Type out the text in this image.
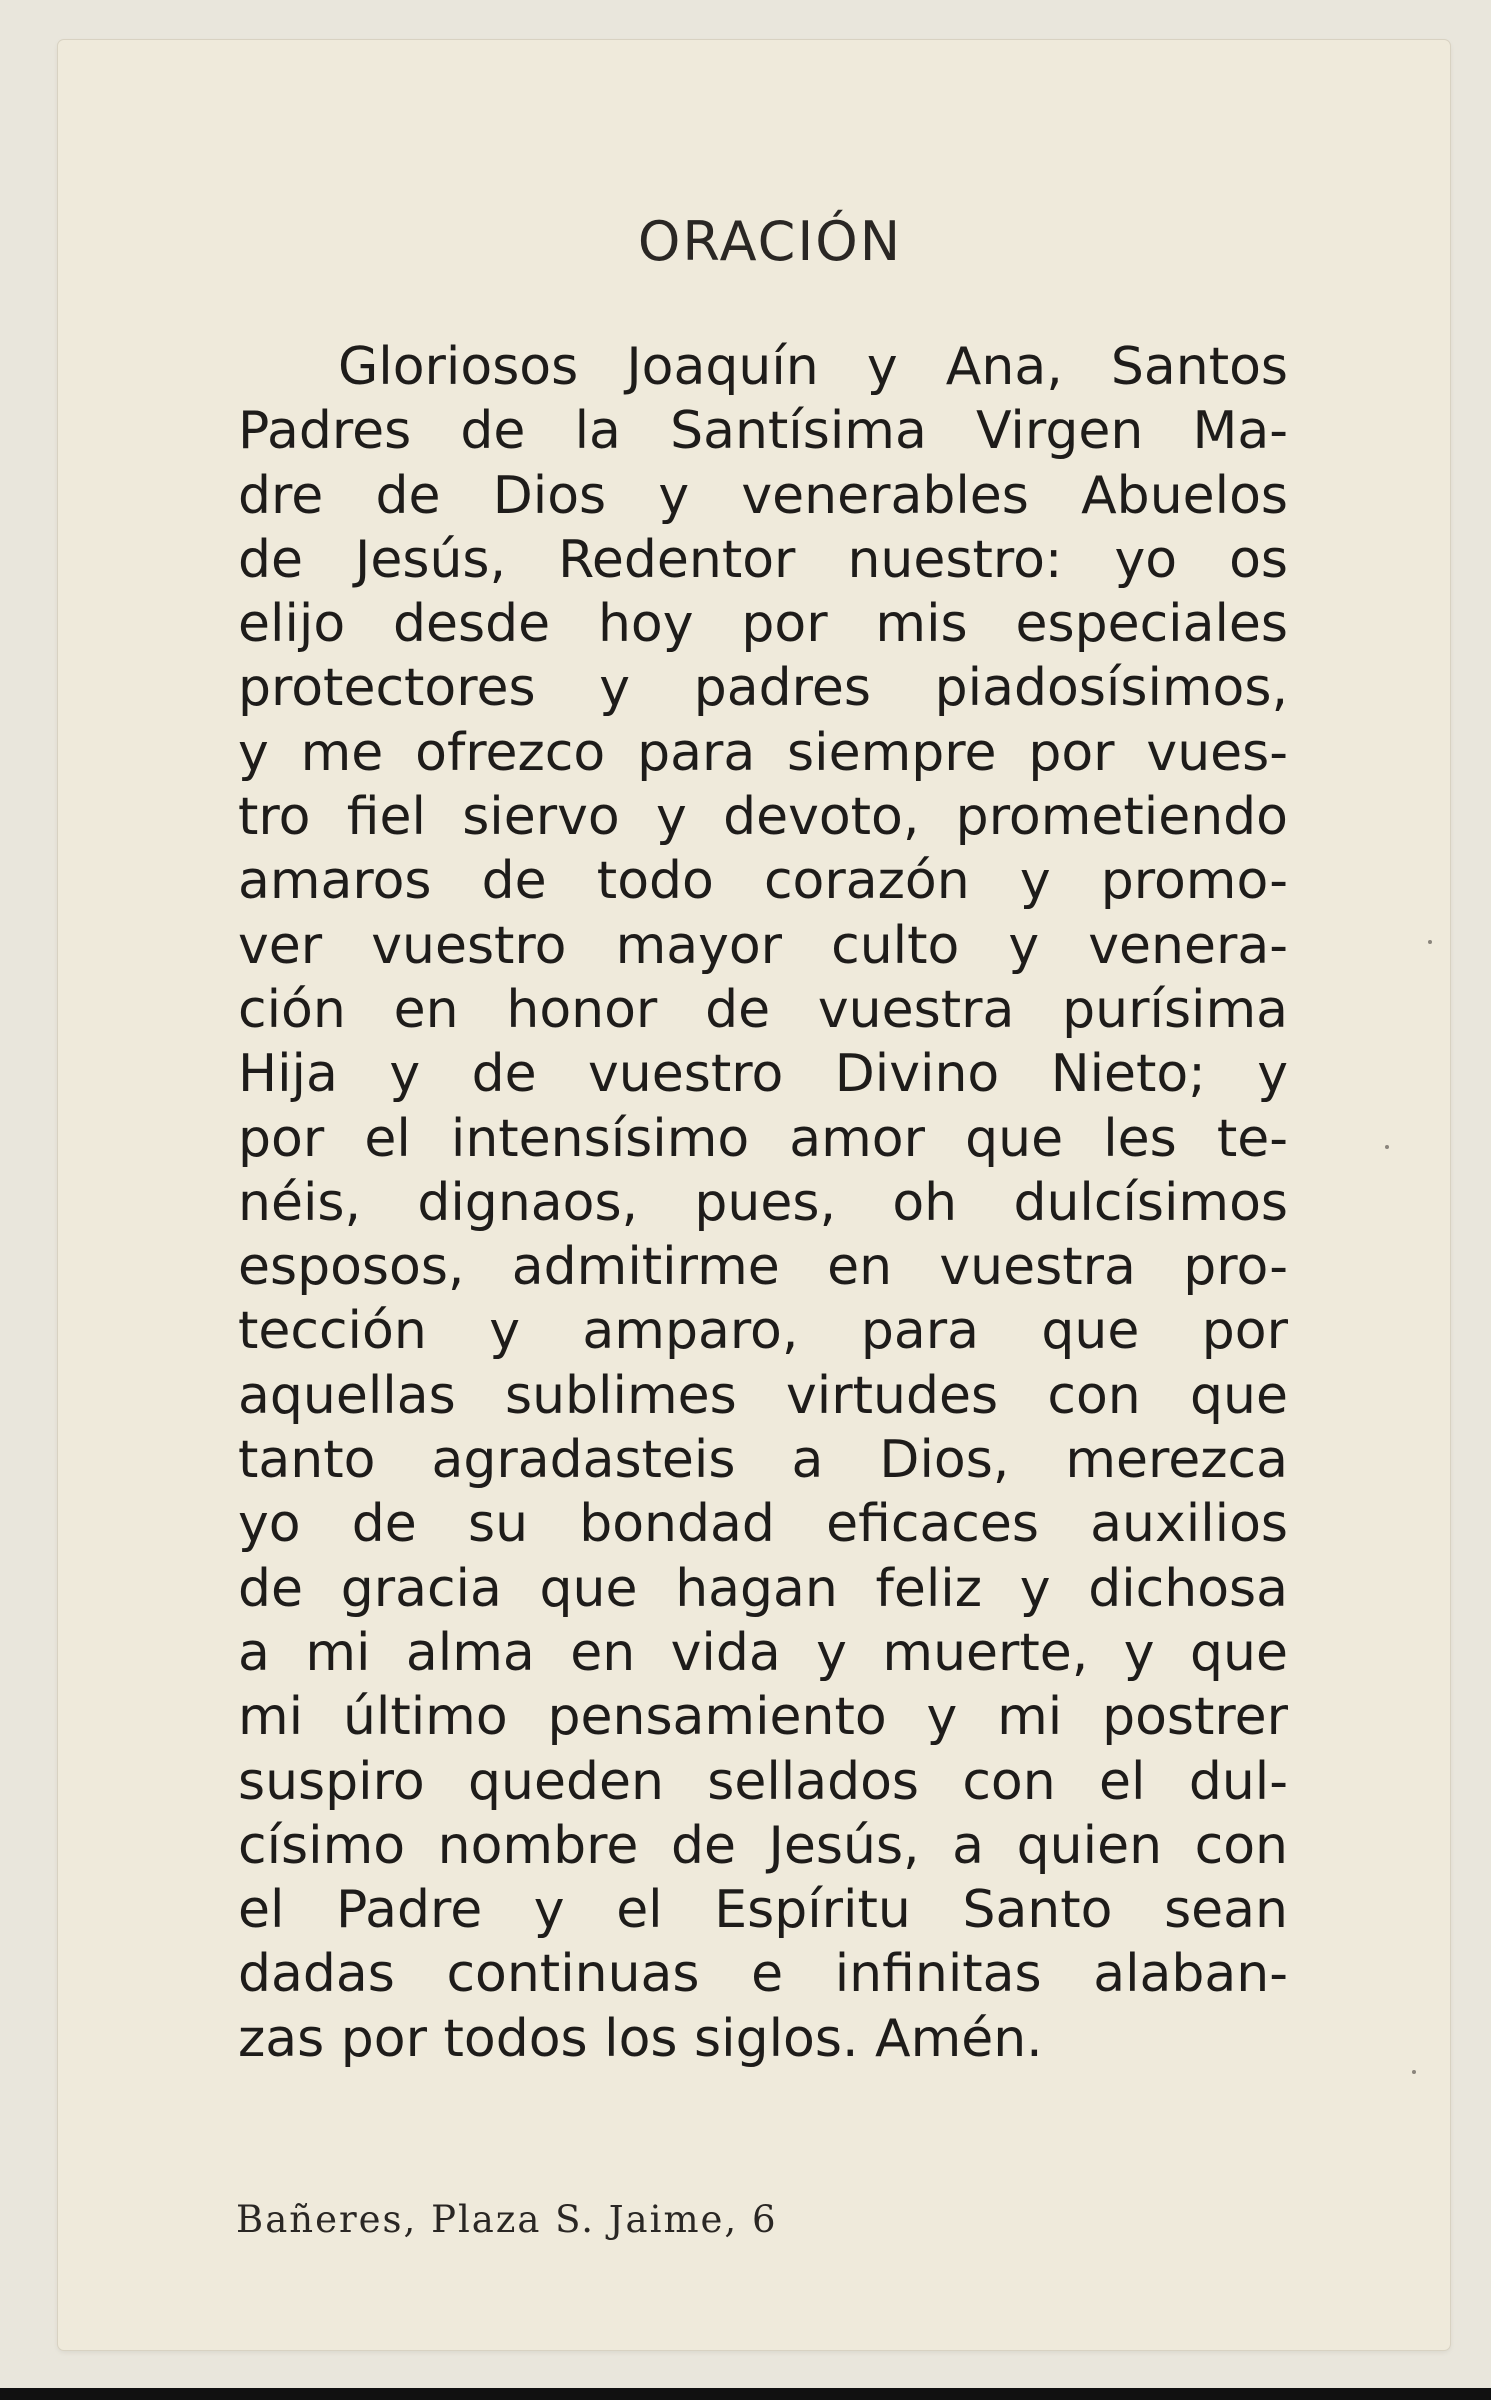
ORACIÓN
Gloriosos Joaquín y Ana, Santos
Padres de la Santísima Virgen Ma-
dre de Dios y venerables Abuelos
de Jesús, Redentor nuestro: yo os
elijo desde hoy por mis especiales
protectores y padres piadosísimos,
y me ofrezco para siempre por vues-
tro fiel siervo y devoto, prometiendo
amaros de todo corazón y promo-
ver vuestro mayor culto y venera-
ción en honor de vuestra purísima
Hija y de vuestro Divino Nieto; y
por el intensísimo amor que les te-
néis, dignaos, pues, oh dulcísimos
esposos, admitirme en vuestra pro-
tección y amparo, para que por
aquellas sublimes virtudes con que
tanto agradasteis a Dios, merezca
yo de su bondad eficaces auxilios
de gracia que hagan feliz y dichosa
a mi alma en vida y muerte, y que
mi último pensamiento y mi postrer
suspiro queden sellados con el dul-
císimo nombre de Jesús, a quien con
el Padre y el Espíritu Santo sean
dadas continuas e infinitas alaban-
zas por todos los siglos. Amén.
Bañeres, Plaza S. Jaime, 6
